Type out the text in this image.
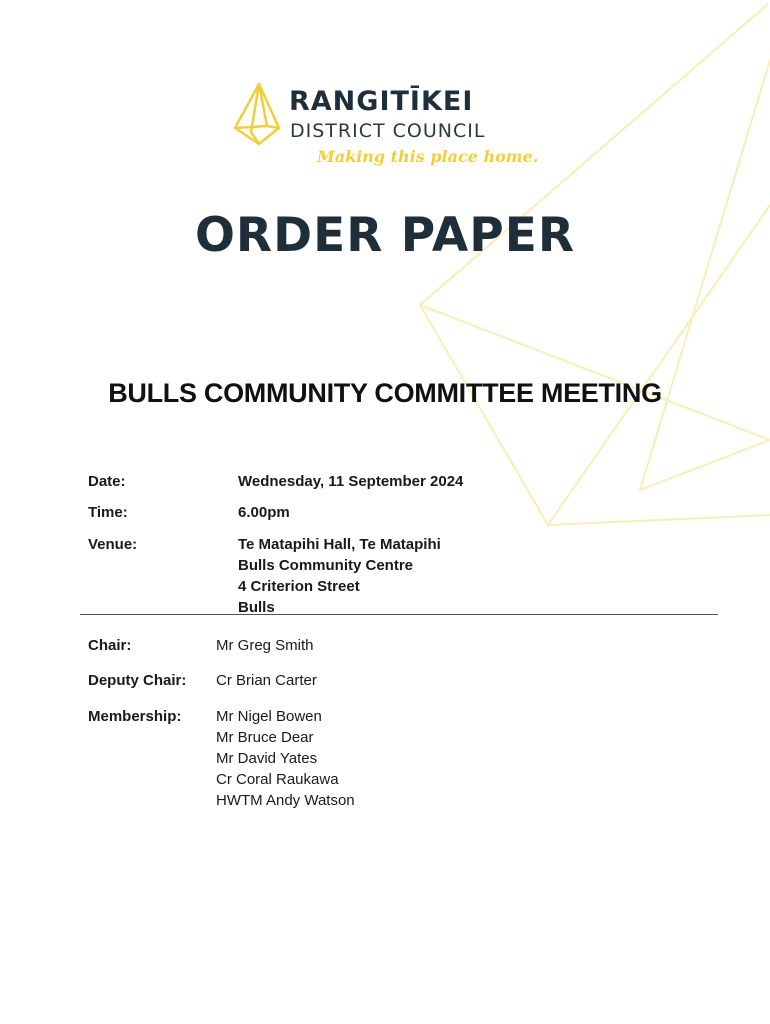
RANGITĪKEI
DISTRICT COUNCIL
Making this place home.
ORDER PAPER
BULLS COMMUNITY COMMITTEE MEETING
Date:	Wednesday, 11 September 2024
Time:	6.00pm
Venue:	Te Matapihi Hall, Te Matapihi
Bulls Community Centre
4 Criterion Street
Bulls
Chair:	Mr Greg Smith
Deputy Chair: Cr Brian Carter
Membership: Mr Nigel Bowen
Mr Bruce Dear
Mr David Yates
Cr Coral Raukawa
HWTM Andy Watson
